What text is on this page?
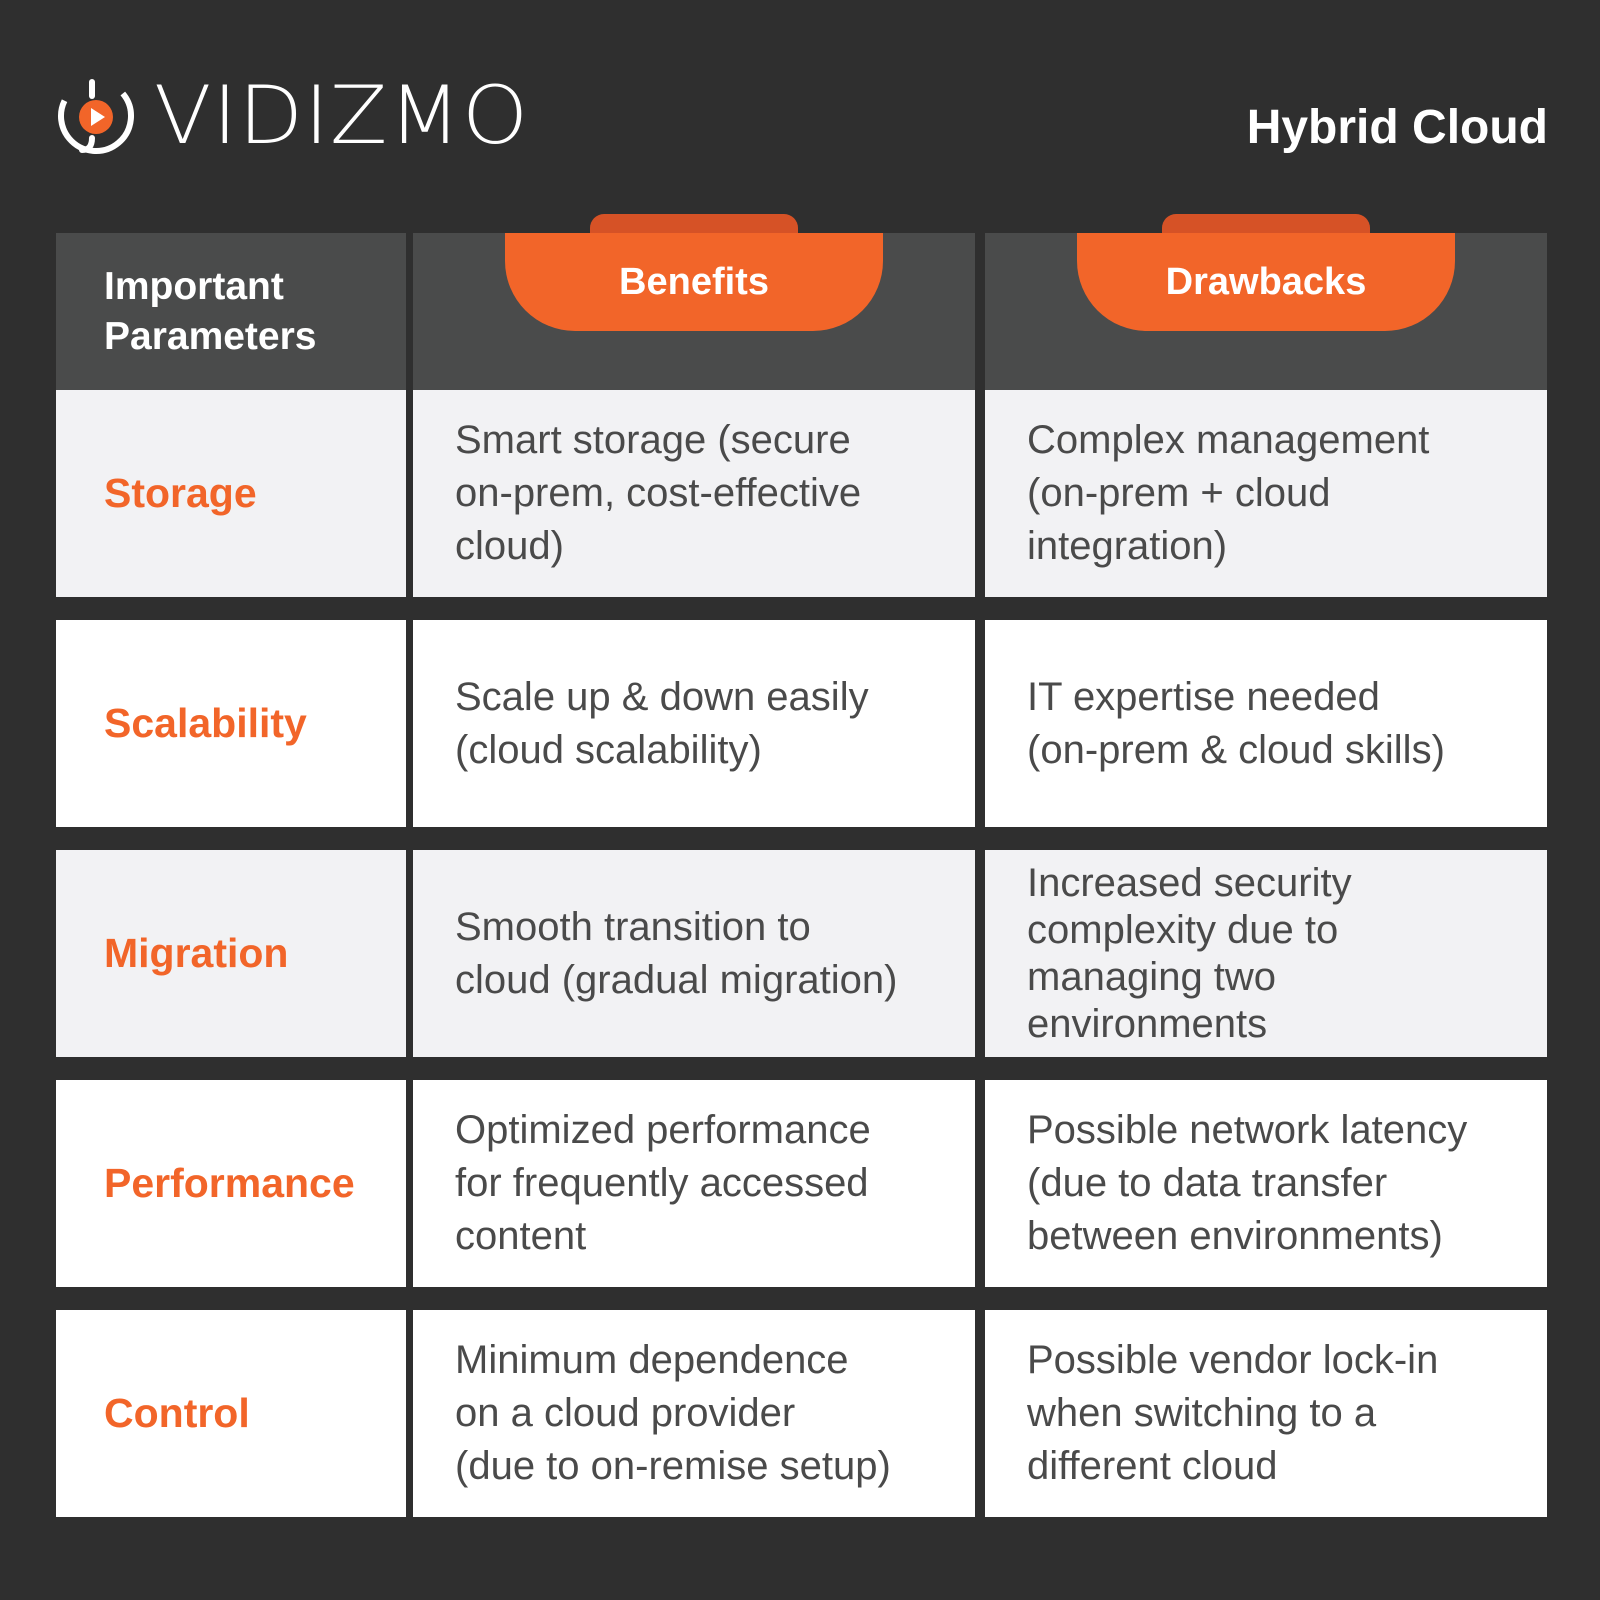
VIDIZMO	Hybrid Cloud
Important
Parameters
Benefits	Drawbacks
Storage
Smart storage (secure
on-prem, cost-effective
cloud)
Complex management
(on-prem + cloud
integration)
Scalability
Scale up & down easily
(cloud scalability)
IT expertise needed
(on-prem & cloud skills)
Migration
Smooth transition to
cloud (gradual migration)
Increased security
complexity due to
managing two
environments
Performance
Optimized performance
for frequently accessed
content
Possible network latency
(due to data transfer
between environments)
Control
Minimum dependence
on a cloud provider
(due to on-remise setup)
Possible vendor lock-in
when switching to a
different cloud
